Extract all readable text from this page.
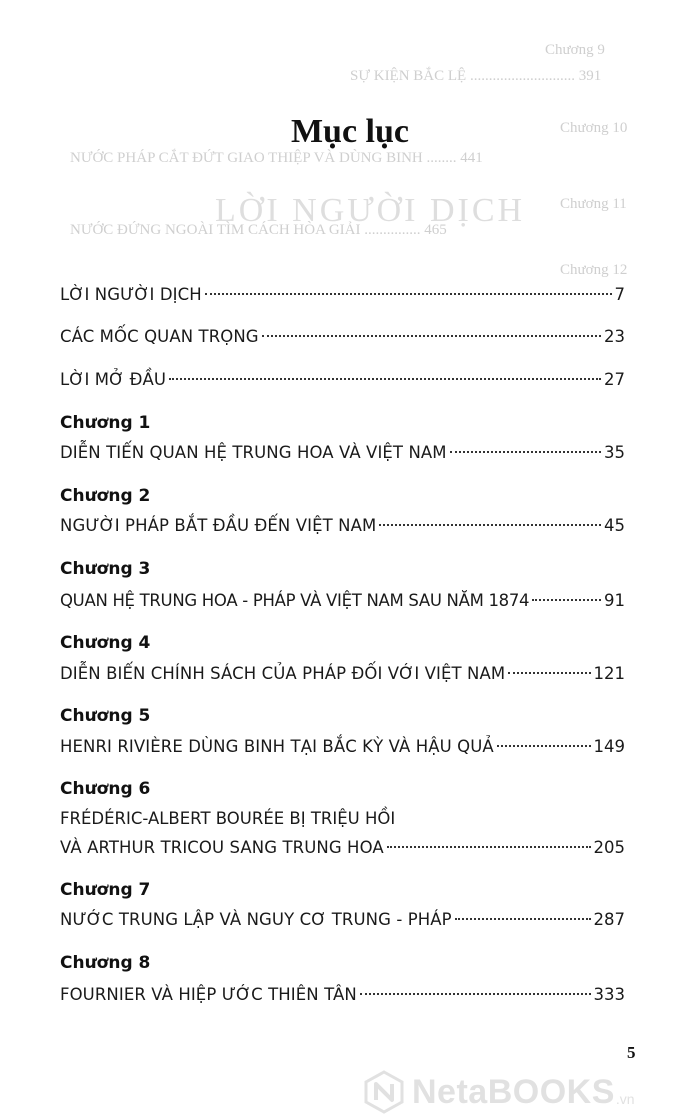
Chương 9
SỰ KIỆN BẮC LỆ ............................ 391
Chương 10
NƯỚC PHÁP CẮT ĐỨT GIAO THIỆP VÀ DÙNG BINH ........ 441
LỜI NGƯỜI DỊCH Chương 11
NƯỚC ĐỨNG NGOÀI TÌM CÁCH HÒA GIẢI ............... 465
Chương 12
Mục lục
LỜI NGƯỜI DỊCH	7
CÁC MỐC QUAN TRỌNG	23
LỜI MỞ ĐẦU	27
Chương 1
DIỄN TIẾN QUAN HỆ TRUNG HOA VÀ VIỆT NAM	35
Chương 2
NGƯỜI PHÁP BẮT ĐẦU ĐẾN VIỆT NAM	45
Chương 3
QUAN HỆ TRUNG HOA - PHÁP VÀ VIỆT NAM SAU NĂM 1874	91
Chương 4
DIỄN BIẾN CHÍNH SÁCH CỦA PHÁP ĐỐI VỚI VIỆT NAM	121
Chương 5
HENRI RIVIÈRE DÙNG BINH TẠI BẮC KỲ VÀ HẬU QUẢ	149
Chương 6
FRÉDÉRIC-ALBERT BOURÉE BỊ TRIỆU HỒI
VÀ ARTHUR TRICOU SANG TRUNG HOA	205
Chương 7
NƯỚC TRUNG LẬP VÀ NGUY CƠ TRUNG - PHÁP	287
Chương 8
FOURNIER VÀ HIỆP ƯỚC THIÊN TÂN	333
5
NetaBOOKS .vn
